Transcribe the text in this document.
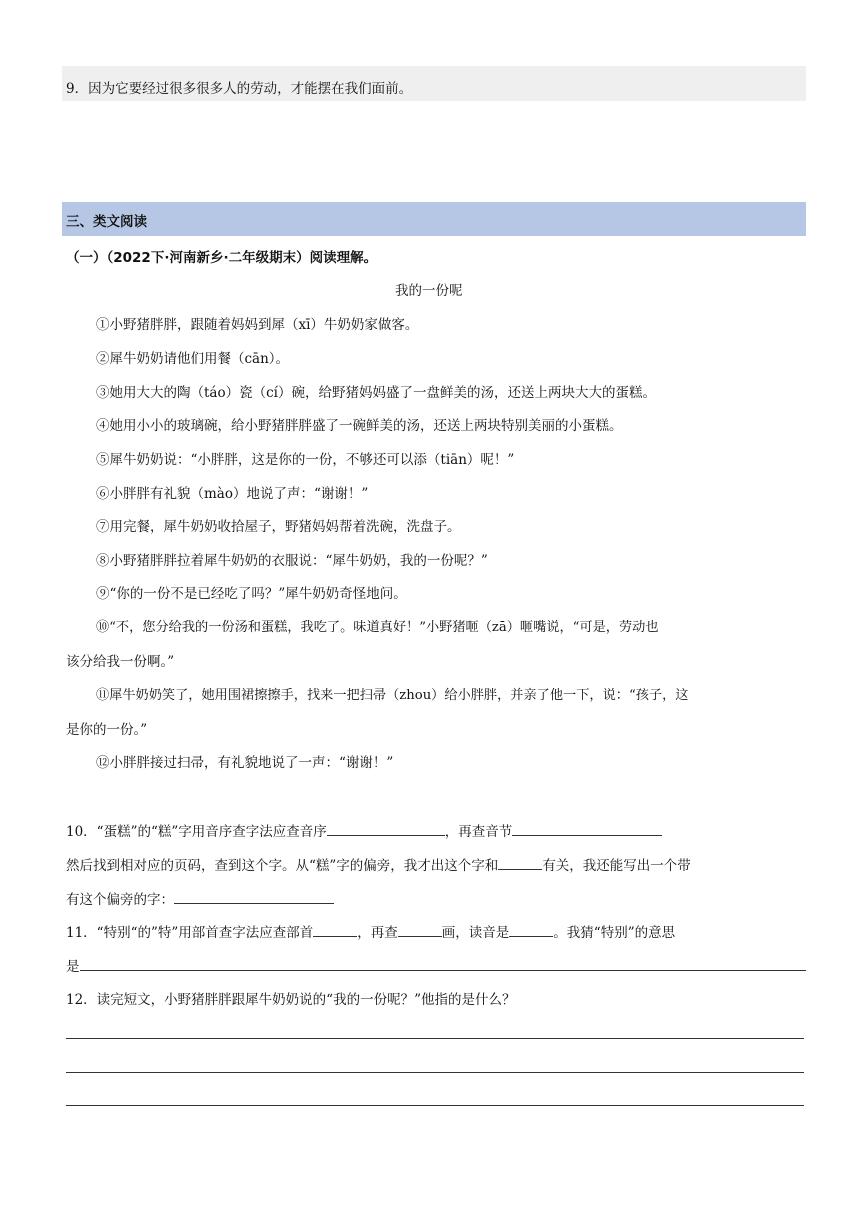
9．因为它要经过很多很多人的劳动，才能摆在我们面前。
三、类文阅读
（一）（2022下·河南新乡·二年级期末）阅读理解。
我的一份呢
①小野猪胖胖，跟随着妈妈到犀（xī）牛奶奶家做客。
②犀牛奶奶请他们用餐（cān）。
③她用大大的陶（táo）瓷（cí）碗，给野猪妈妈盛了一盘鲜美的汤，还送上两块大大的蛋糕。
④她用小小的玻璃碗，给小野猪胖胖盛了一碗鲜美的汤，还送上两块特别美丽的小蛋糕。
⑤犀牛奶奶说：“小胖胖，这是你的一份，不够还可以添（tiān）呢！”
⑥小胖胖有礼貌（mào）地说了声：“谢谢！”
⑦用完餐，犀牛奶奶收拾屋子，野猪妈妈帮着洗碗，洗盘子。
⑧小野猪胖胖拉着犀牛奶奶的衣服说：“犀牛奶奶，我的一份呢？”
⑨“你的一份不是已经吃了吗？”犀牛奶奶奇怪地问。
⑩“不，您分给我的一份汤和蛋糕，我吃了。味道真好！”小野猪咂（zā）咂嘴说，“可是，劳动也
该分给我一份啊。”
⑪犀牛奶奶笑了，她用围裙擦擦手，找来一把扫帚（zhou）给小胖胖，并亲了他一下，说：“孩子，这
是你的一份。”
⑫小胖胖接过扫帚，有礼貌地说了一声：“谢谢！”
10．“蛋糕”的“糕”字用音序查字法应查音序	，再查音节
然后找到相对应的页码，查到这个字。从“糕”字的偏旁，我才出这个字和	有关，我还能写出一个带
有这个偏旁的字：
11．“特别“的”特”用部首查字法应查部首	，再查	画，读音是	。我猜“特别”的意思
是
12．读完短文，小野猪胖胖跟犀牛奶奶说的“我的一份呢？”他指的是什么？
